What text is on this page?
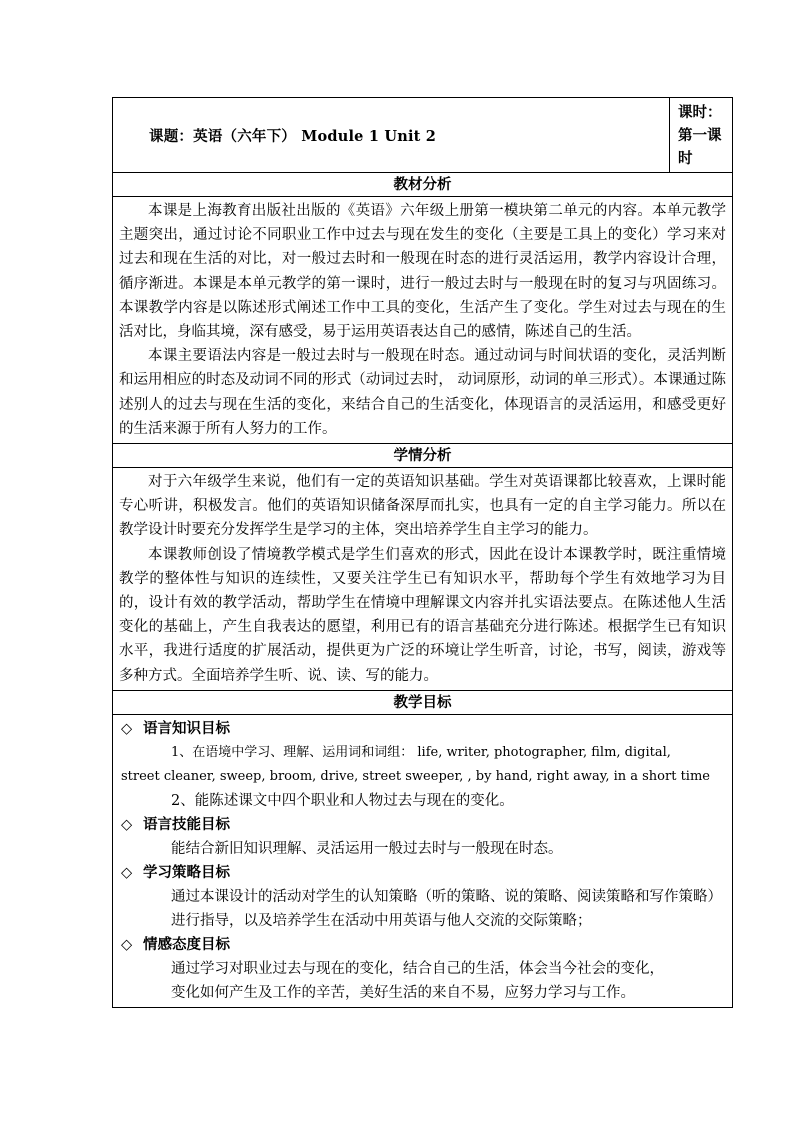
课题：英语（六年下） Module 1 Unit 2	
课时：
第一课
时

教材分析

本课是上海教育出版社出版的《英语》六年级上册第一模块第二单元的内容。本单元教学主题突出，通过讨论不同职业工作中过去与现在发生的变化（主要是工具上的变化）学习来对过去和现在生活的对比，对一般过去时和一般现在时态的进行灵活运用，教学内容设计合理，循序渐进。本课是本单元教学的第一课时，进行一般过去时与一般现在时的复习与巩固练习。本课教学内容是以陈述形式阐述工作中工具的变化，生活产生了变化。学生对过去与现在的生活对比，身临其境，深有感受，易于运用英语表达自己的感情，陈述自己的生活。

本课主要语法内容是一般过去时与一般现在时态。通过动词与时间状语的变化，灵活判断和运用相应的时态及动词不同的形式（动词过去时， 动词原形，动词的单三形式）。本课通过陈述别人的过去与现在生活的变化，来结合自己的生活变化，体现语言的灵活运用，和感受更好的生活来源于所有人努力的工作。

学情分析

对于六年级学生来说，他们有一定的英语知识基础。学生对英语课都比较喜欢，上课时能专心听讲，积极发言。他们的英语知识储备深厚而扎实，也具有一定的自主学习能力。所以在教学设计时要充分发挥学生是学习的主体，突出培养学生自主学习的能力。

本课教师创设了情境教学模式是学生们喜欢的形式，因此在设计本课教学时，既注重情境教学的整体性与知识的连续性，又要关注学生已有知识水平，帮助每个学生有效地学习为目的，设计有效的教学活动，帮助学生在情境中理解课文内容并扎实语法要点。在陈述他人生活变化的基础上，产生自我表达的愿望，利用已有的语言基础充分进行陈述。根据学生已有知识水平，我进行适度的扩展活动，提供更为广泛的环境让学生听音，讨论，书写，阅读，游戏等多种方式。全面培养学生听、说、读、写的能力。

教学目标

◇ 语言知识目标

1、在语境中学习、理解、运用词和词组： life, writer, photographer, film, digital,

street cleaner, sweep, broom, drive, street sweeper, , by hand, right away, in a short time

2、能陈述课文中四个职业和人物过去与现在的变化。

◇ 语言技能目标

能结合新旧知识理解、灵活运用一般过去时与一般现在时态。

◇ 学习策略目标

通过本课设计的活动对学生的认知策略（听的策略、说的策略、阅读策略和写作策略）进行指导，以及培养学生在活动中用英语与他人交流的交际策略；

◇ 情感态度目标

通过学习对职业过去与现在的变化，结合自己的生活，体会当今社会的变化，

变化如何产生及工作的辛苦，美好生活的来自不易，应努力学习与工作。
